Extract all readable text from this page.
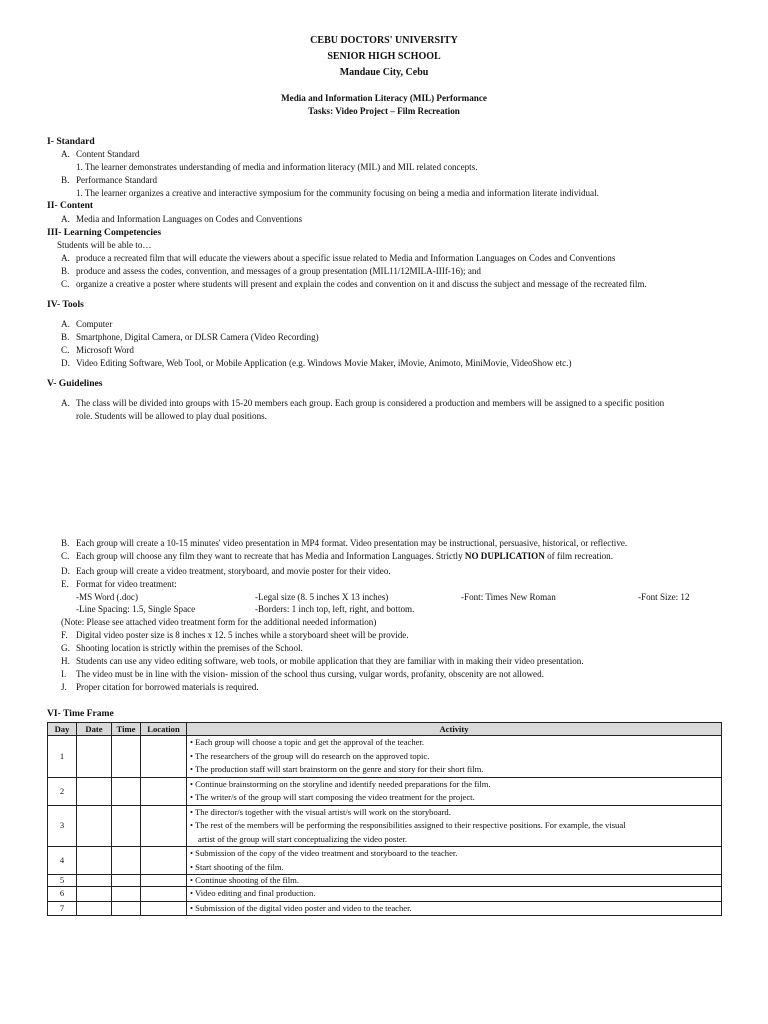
CEBU DOCTORS' UNIVERSITY
SENIOR HIGH SCHOOL
Mandaue City, Cebu
Media and Information Literacy (MIL) Performance
Tasks: Video Project – Film Recreation
I- Standard
A. Content Standard
1. The learner demonstrates understanding of media and information literacy (MIL) and MIL related concepts.
B. Performance Standard
1. The learner organizes a creative and interactive symposium for the community focusing on being a media and information literate individual.
II- Content
A. Media and Information Languages on Codes and Conventions
III- Learning Competencies
Students will be able to…
A. produce a recreated film that will educate the viewers about a specific issue related to Media and Information Languages on Codes and Conventions
B. produce and assess the codes, convention, and messages of a group presentation (MIL11/12MILA-IIIf-16); and
C. organize a creative a poster where students will present and explain the codes and convention on it and discuss the subject and message of the recreated film.
IV- Tools
A. Computer
B. Smartphone, Digital Camera, or DLSR Camera (Video Recording)
C. Microsoft Word
D. Video Editing Software, Web Tool, or Mobile Application (e.g. Windows Movie Maker, iMovie, Animoto, MiniMovie, VideoShow etc.)
V- Guidelines
A. The class will be divided into groups with 15-20 members each group. Each group is considered a production and members will be assigned to a specific position
role. Students will be allowed to play dual positions.
B. Each group will create a 10-15 minutes' video presentation in MP4 format. Video presentation may be instructional, persuasive, historical, or reflective.
C. Each group will choose any film they want to recreate that has Media and Information Languages. Strictly NO DUPLICATION of film recreation.
D. Each group will create a video treatment, storyboard, and movie poster for their video.
E. Format for video treatment:
-MS Word (.doc)	-Legal size (8. 5 inches X 13 inches)	-Font: Times New Roman	-Font Size: 12
-Line Spacing: 1.5, Single Space	-Borders: 1 inch top, left, right, and bottom.
(Note: Please see attached video treatment form for the additional needed information)
F. Digital video poster size is 8 inches x 12. 5 inches while a storyboard sheet will be provide.
G. Shooting location is strictly within the premises of the School.
H. Students can use any video editing software, web tools, or mobile application that they are familiar with in making their video presentation.
I. The video must be in line with the vision- mission of the school thus cursing, vulgar words, profanity, obscenity are not allowed.
J. Proper citation for borrowed materials is required.
VI- Time Frame
Day	Date	Time	Location	Activity
1				• Each group will choose a topic and get the approval of the teacher.
• The researchers of the group will do research on the approved topic.
• The production staff will start brainstorm on the genre and story for their short film.

2				• Continue brainstorming on the storyline and identify needed preparations for the film.
• The writer/s of the group will start composing the video treatment for the project.

3				• The director/s together with the visual artist/s will work on the storyboard.
• The rest of the members will be performing the responsibilities assigned to their respective positions. For example, the visual
artist of the group will start conceptualizing the video poster.

4				• Submission of the copy of the video treatment and storyboard to the teacher.
• Start shooting of the film.

5				• Continue shooting of the film.

6				• Video editing and final production.

7				• Submission of the digital video poster and video to the teacher.
